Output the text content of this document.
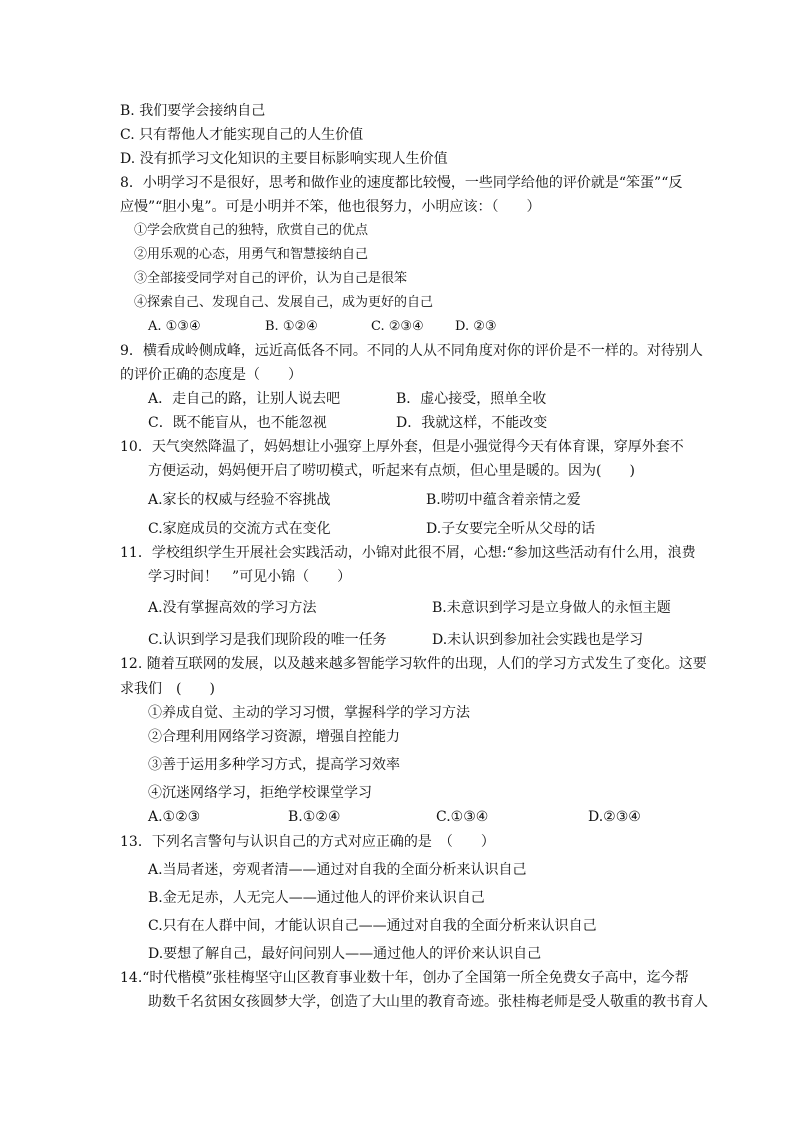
B. 我们要学会接纳自己
C. 只有帮他人才能实现自己的人生价值
D. 没有抓学习文化知识的主要目标影响实现人生价值
8．小明学习不是很好，思考和做作业的速度都比较慢，一些同学给他的评价就是“笨蛋”“反
应慢”“胆小鬼”。可是小明并不笨，他也很努力，小明应该：（　　）
①学会欣赏自己的独特，欣赏自己的优点
②用乐观的心态，用勇气和智慧接纳自己
③全部接受同学对自己的评价，认为自己是很笨
④探索自己、发现自己、发展自己，成为更好的自己
A. ①③④	B. ①②④	C. ②③④ D. ②③
9．横看成岭侧成峰，远近高低各不同。不同的人从不同角度对你的评价是不一样的。对待别人
的评价正确的态度是（　　）
A．走自己的路，让别人说去吧	B．虚心接受，照单全收
C．既不能盲从，也不能忽视	D．我就这样，不能改变
10．天气突然降温了，妈妈想让小强穿上厚外套，但是小强觉得今天有体育课，穿厚外套不
方便运动，妈妈便开启了唠叨模式，听起来有点烦，但心里是暖的。因为(　　)
A.家长的权威与经验不容挑战	B.唠叨中蕴含着亲情之爱
C.家庭成员的交流方式在变化	D.子女要完全听从父母的话
11．学校组织学生开展社会实践活动，小锦对此很不屑，心想:“参加这些活动有什么用，浪费
学习时间！　”可见小锦（　　）
A.没有掌握高效的学习方法	B.未意识到学习是立身做人的永恒主题
C.认识到学习是我们现阶段的唯一任务	D.未认识到参加社会实践也是学习
12. 随着互联网的发展，以及越来越多智能学习软件的出现，人们的学习方式发生了变化。这要
求我们　(　　)
①养成自觉、主动的学习习惯，掌握科学的学习方法
②合理利用网络学习资源，增强自控能力
③善于运用多种学习方式，提高学习效率
④沉迷网络学习，拒绝学校课堂学习
A.①②③	B.①②④	C.①③④	D.②③④
13．下列名言警句与认识自己的方式对应正确的是　（　　）
A.当局者迷，旁观者清——通过对自我的全面分析来认识自己
B.金无足赤，人无完人——通过他人的评价来认识自己
C.只有在人群中间，才能认识自己——通过对自我的全面分析来认识自己
D.要想了解自己，最好问问别人——通过他人的评价来认识自己
14.“时代楷模”张桂梅坚守山区教育事业数十年，创办了全国第一所全免费女子高中，迄今帮
助数千名贫困女孩圆梦大学，创造了大山里的教育奇迹。张桂梅老师是受人敬重的教书育人
